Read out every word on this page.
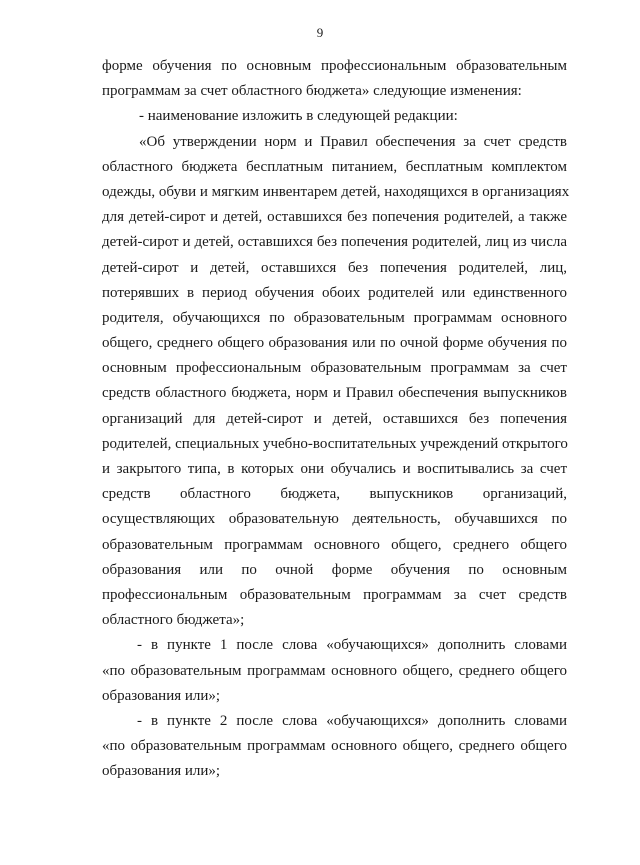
9
форме обучения по основным профессиональным образовательным
программам за счет областного бюджета» следующие изменения:
- наименование изложить в следующей редакции:
«Об утверждении норм и Правил обеспечения за счет средств
областного бюджета бесплатным питанием, бесплатным комплектом
одежды, обуви и мягким инвентарем детей, находящихся в организациях
для детей-сирот и детей, оставшихся без попечения родителей, а также
детей-сирот и детей, оставшихся без попечения родителей, лиц из числа
детей-сирот и детей, оставшихся без попечения родителей, лиц,
потерявших в период обучения обоих родителей или единственного
родителя, обучающихся по образовательным программам основного
общего, среднего общего образования или по очной форме обучения по
основным профессиональным образовательным программам за счет
средств областного бюджета, норм и Правил обеспечения выпускников
организаций для детей-сирот и детей, оставшихся без попечения
родителей, специальных учебно-воспитательных учреждений открытого
и закрытого типа, в которых они обучались и воспитывались за счет
средств областного бюджета, выпускников организаций,
осуществляющих образовательную деятельность, обучавшихся по
образовательным программам основного общего, среднего общего
образования или по очной форме обучения по основным
профессиональным образовательным программам за счет средств
областного бюджета»;
- в пункте 1 после слова «обучающихся» дополнить словами
«по образовательным программам основного общего, среднего общего
образования или»;
- в пункте 2 после слова «обучающихся» дополнить словами
«по образовательным программам основного общего, среднего общего
образования или»;
